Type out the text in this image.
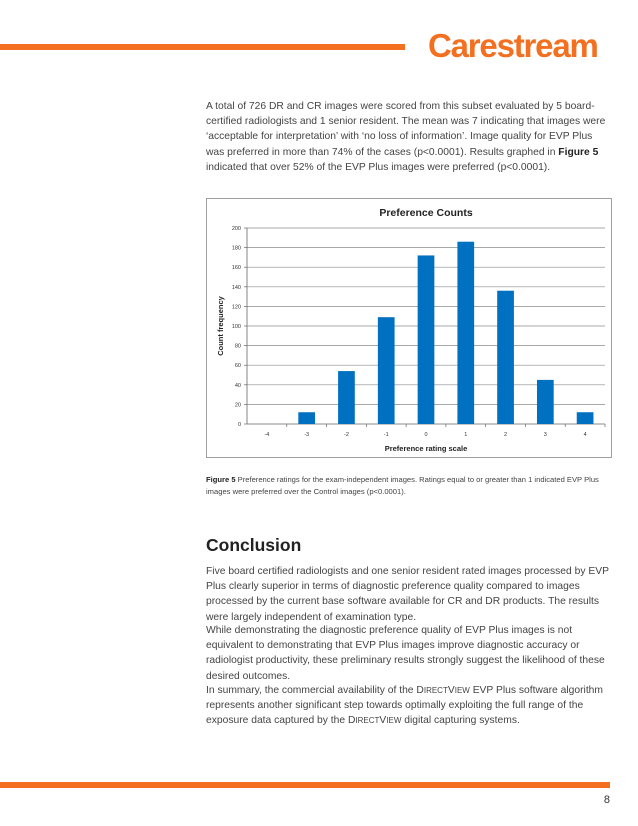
Carestream

A total of 726 DR and CR images were scored from this subset evaluated by 5 board-certified radiologists and 1 senior resident. The mean was 7 indicating that images were ‘acceptable for interpretation’ with ‘no loss of information’. Image quality for EVP Plus was preferred in more than 74% of the cases (p<0.0001). Results graphed in Figure 5 indicated that over 52% of the EVP Plus images were preferred (p<0.0001).

Preference Counts
0
20
40
60
80
100
120
140
160
180
200
-4	-3	-2	-1	0	1	2	3	4
Preference rating scale
Count frequency

Figure 5 Preference ratings for the exam-independent images. Ratings equal to or greater than 1 indicated EVP Plus images were preferred over the Control images (p<0.0001).

Conclusion

Five board certified radiologists and one senior resident rated images processed by EVP Plus clearly superior in terms of diagnostic preference quality compared to images processed by the current base software available for CR and DR products. The results were largely independent of examination type.

While demonstrating the diagnostic preference quality of EVP Plus images is not equivalent to demonstrating that EVP Plus images improve diagnostic accuracy or radiologist productivity, these preliminary results strongly suggest the likelihood of these desired outcomes.

In summary, the commercial availability of the DIRECTVIEW EVP Plus software algorithm represents another significant step towards optimally exploiting the full range of the exposure data captured by the DIRECTVIEW digital capturing systems.

8
